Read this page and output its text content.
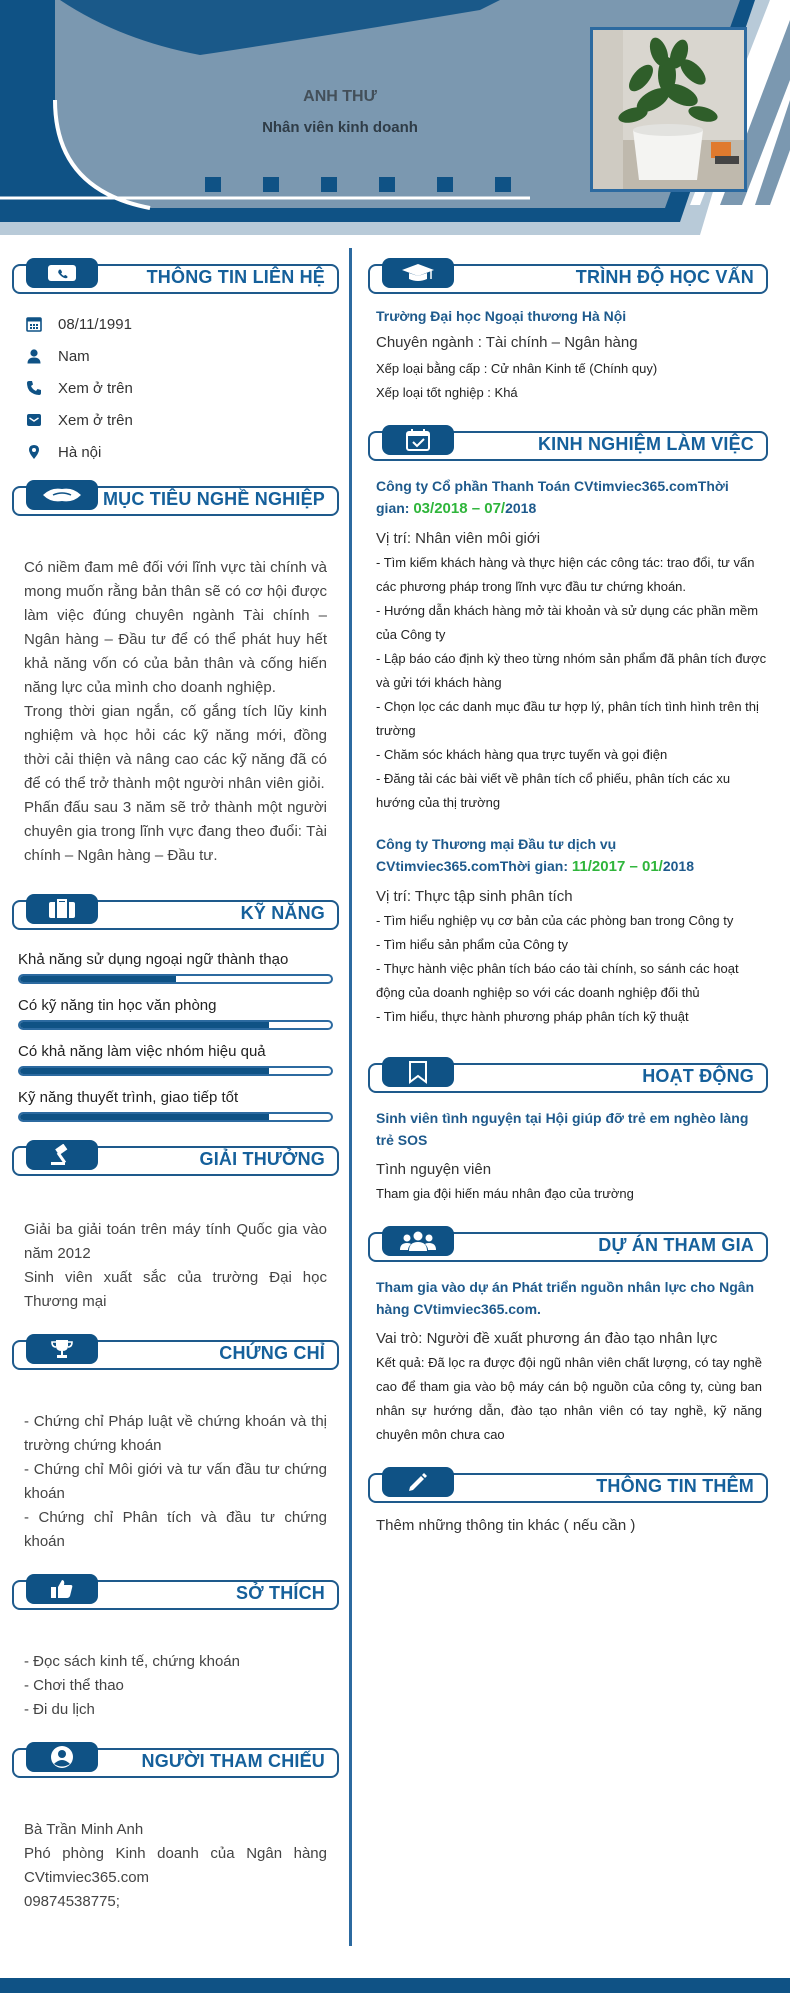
ANH THƯ
Nhân viên kinh doanh
THÔNG TIN LIÊN HỆ
08/11/1991
Nam
Xem ở trên
Xem ở trên
Hà nội
MỤC TIÊU NGHỀ NGHIỆP

Có niềm đam mê đối với lĩnh vực tài chính và mong muốn rằng bản thân sẽ có cơ hội được làm việc đúng chuyên ngành Tài chính – Ngân hàng – Đầu tư để có thể phát huy hết khả năng vốn có của bản thân và cống hiến năng lực của mình cho doanh nghiệp.

Trong thời gian ngắn, cố gắng tích lũy kinh nghiệm và học hỏi các kỹ năng mới, đồng thời cải thiện và nâng cao các kỹ năng đã có để có thể trở thành một người nhân viên giỏi.

Phấn đấu sau 3 năm sẽ trở thành một người chuyên gia trong lĩnh vực đang theo đuổi: Tài chính – Ngân hàng – Đầu tư.

KỸ NĂNG
Khả năng sử dụng ngoại ngữ thành thạo
Có kỹ năng tin học văn phòng
Có khả năng làm việc nhóm hiệu quả
Kỹ năng thuyết trình, giao tiếp tốt
GIẢI THƯỞNG

Giải ba giải toán trên máy tính Quốc gia vào năm 2012

Sinh viên xuất sắc của trường Đại học Thương mại

CHỨNG CHỈ

- Chứng chỉ Pháp luật về chứng khoán và thị trường chứng khoán

- Chứng chỉ Môi giới và tư vấn đầu tư chứng khoán

- Chứng chỉ Phân tích và đầu tư chứng khoán

SỞ THÍCH

- Đọc sách kinh tế, chứng khoán

- Chơi thể thao

- Đi du lịch

NGƯỜI THAM CHIẾU

Bà Trần Minh Anh

Phó phòng Kinh doanh của Ngân hàng CVtimviec365.com

09874538775;

TRÌNH ĐỘ HỌC VẤN
Trường Đại học Ngoại thương Hà Nội
Chuyên ngành : Tài chính – Ngân hàng
Xếp loại bằng cấp : Cử nhân Kinh tế (Chính quy)
Xếp loại tốt nghiệp : Khá
KINH NGHIỆM LÀM VIỆC
Công ty Cổ phần Thanh Toán CVtimviec365.comThời gian: 03/2018 – 07/2018
Vị trí: Nhân viên môi giới
- Tìm kiếm khách hàng và thực hiện các công tác: trao đổi, tư vấn các phương pháp trong lĩnh vực đầu tư chứng khoán.
- Hướng dẫn khách hàng mở tài khoản và sử dụng các phần mềm của Công ty
- Lập báo cáo định kỳ theo từng nhóm sản phẩm đã phân tích được và gửi tới khách hàng
- Chọn lọc các danh mục đầu tư hợp lý, phân tích tình hình trên thị trường
- Chăm sóc khách hàng qua trực tuyến và gọi điện
- Đăng tải các bài viết về phân tích cổ phiếu, phân tích các xu hướng của thị trường
Công ty Thương mại Đầu tư dịch vụ CVtimviec365.comThời gian: 11/2017 – 01/2018
Vị trí: Thực tập sinh phân tích
- Tìm hiểu nghiệp vụ cơ bản của các phòng ban trong Công ty
- Tìm hiểu sản phẩm của Công ty
- Thực hành việc phân tích báo cáo tài chính, so sánh các hoạt động của doanh nghiệp so với các doanh nghiệp đối thủ
- Tìm hiểu, thực hành phương pháp phân tích kỹ thuật
HOẠT ĐỘNG
Sinh viên tình nguyện tại Hội giúp đỡ trẻ em nghèo làng trẻ SOS
Tình nguyện viên
Tham gia đội hiến máu nhân đạo của trường
DỰ ÁN THAM GIA
Tham gia vào dự án Phát triển nguồn nhân lực cho Ngân hàng CVtimviec365.com.
Vai trò: Người đề xuất phương án đào tạo nhân lực
Kết quả: Đã lọc ra được đội ngũ nhân viên chất lượng, có tay nghề cao để tham gia vào bộ máy cán bộ nguồn của công ty, cùng ban nhân sự hướng dẫn, đào tạo nhân viên có tay nghề, kỹ năng chuyên môn chưa cao
THÔNG TIN THÊM
Thêm những thông tin khác ( nếu cần )
